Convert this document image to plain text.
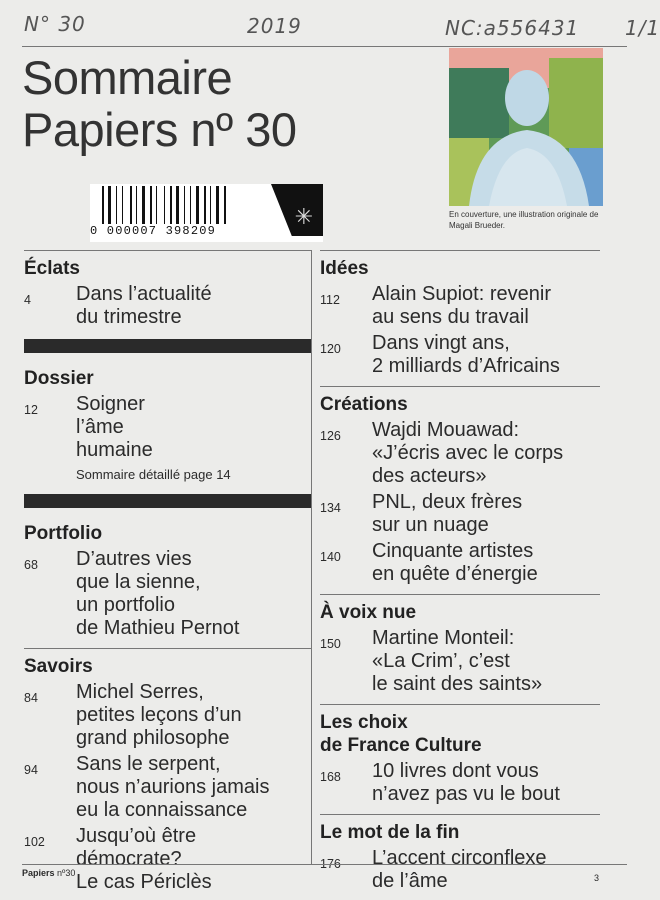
N° 30	2019	NC:a556431 1/1
Sommaire
Papiers nº 30
0 000007 398209
✳	En couverture, une illustration originale de Magali Brueder.
Éclats
4	Dans l’actualité
du trimestre
Dossier
12	Soigner
l’âme
humaine
Sommaire détaillé page 14
Portfolio
68	D’autres vies
que la sienne,
un portfolio
de Mathieu Pernot
Savoirs
84	Michel Serres,
petites leçons d’un
grand philosophe
94	Sans le serpent,
nous n’aurions jamais
eu la connaissance
102	Jusqu’où être
démocrate?
Le cas Périclès
Idées
112	Alain Supiot: revenir
au sens du travail
120	Dans vingt ans,
2 milliards d’Africains
Créations
126	Wajdi Mouawad:
«J’écris avec le corps
des acteurs»
134	PNL, deux frères
sur un nuage
140	Cinquante artistes
en quête d’énergie
À voix nue
150	Martine Monteil:
«La Crim’, c’est
le saint des saints»
Les choix
de France Culture
168	10 livres dont vous
n’avez pas vu le bout
Le mot de la fin
176	L’accent circonflexe
de l’âme
Papiers nº30	3
